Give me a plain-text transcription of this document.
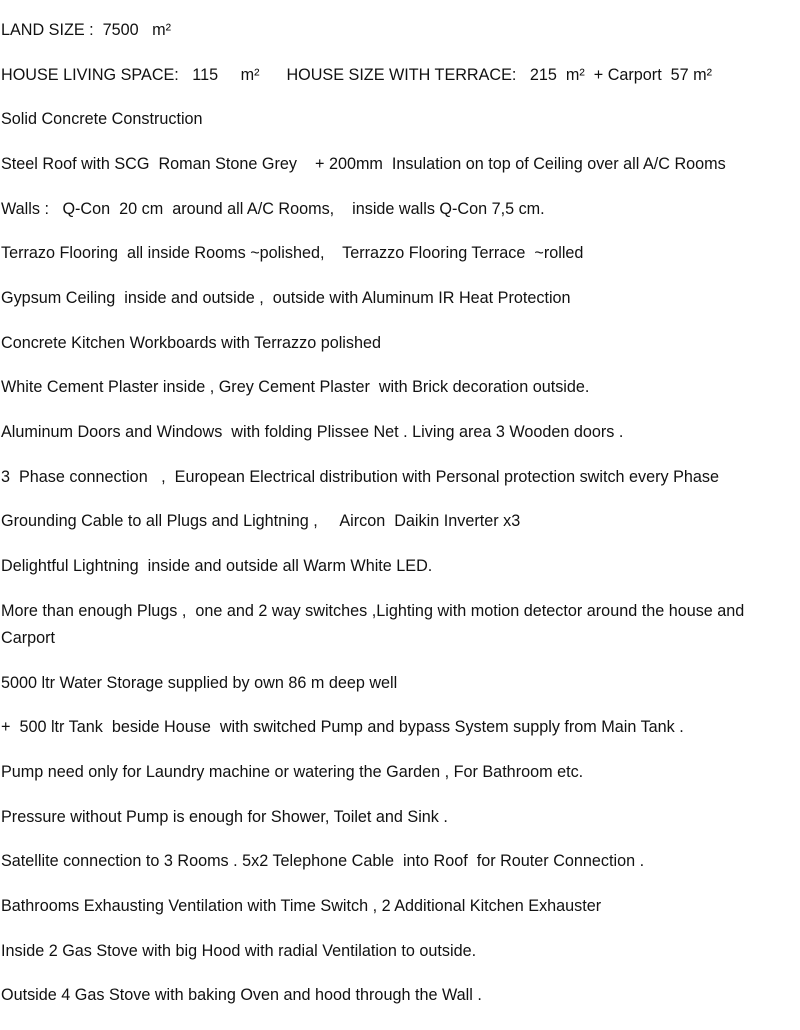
LAND SIZE :  7500   m²
HOUSE LIVING SPACE:   115     m²      HOUSE SIZE WITH TERRACE:   215  m²  + Carport  57 m²
Solid Concrete Construction
Steel Roof with SCG  Roman Stone Grey    + 200mm  Insulation on top of Ceiling over all A/C Rooms
Walls :   Q-Con  20 cm  around all A/C Rooms,    inside walls Q-Con 7,5 cm.
Terrazo Flooring  all inside Rooms ~polished,    Terrazzo Flooring Terrace  ~rolled
Gypsum Ceiling  inside and outside ,  outside with Aluminum IR Heat Protection
Concrete Kitchen Workboards with Terrazzo polished
White Cement Plaster inside , Grey Cement Plaster  with Brick decoration outside.
Aluminum Doors and Windows  with folding Plissee Net . Living area 3 Wooden doors .
3  Phase connection   ,  European Electrical distribution with Personal protection switch every Phase
Grounding Cable to all Plugs and Lightning ,     Aircon  Daikin Inverter x3
Delightful Lightning  inside and outside all Warm White LED.
More than enough Plugs ,  one and 2 way switches ,Lighting with motion detector around the house and Carport
5000 ltr Water Storage supplied by own 86 m deep well
+  500 ltr Tank  beside House  with switched Pump and bypass System supply from Main Tank .
Pump need only for Laundry machine or watering the Garden , For Bathroom etc.
Pressure without Pump is enough for Shower, Toilet and Sink .
Satellite connection to 3 Rooms . 5x2 Telephone Cable  into Roof  for Router Connection .
Bathrooms Exhausting Ventilation with Time Switch , 2 Additional Kitchen Exhauster
Inside 2 Gas Stove with big Hood with radial Ventilation to outside.
Outside 4 Gas Stove with baking Oven and hood through the Wall .
